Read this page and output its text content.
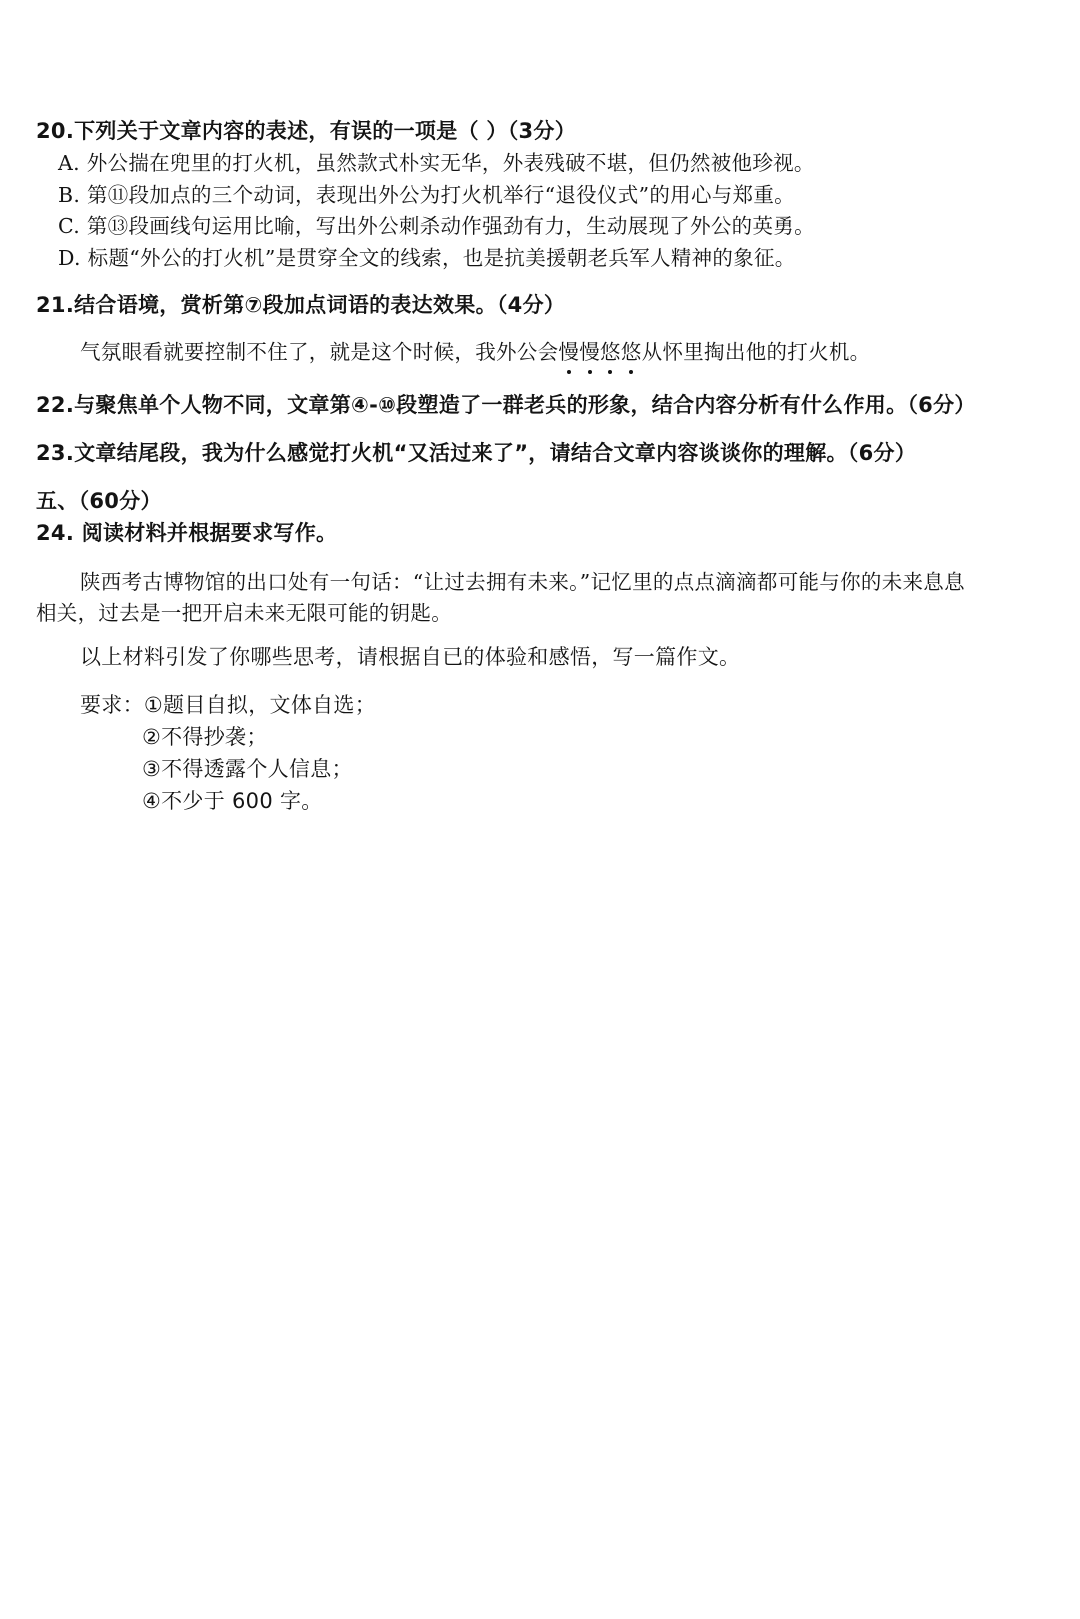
20.下列关于文章内容的表述，有误的一项是（ ）（3分）
A. 外公揣在兜里的打火机，虽然款式朴实无华，外表残破不堪，但仍然被他珍视。
B. 第⑪段加点的三个动词，表现出外公为打火机举行“退役仪式”的用心与郑重。
C. 第⑬段画线句运用比喻，写出外公刺杀动作强劲有力，生动展现了外公的英勇。
D. 标题“外公的打火机”是贯穿全文的线索，也是抗美援朝老兵军人精神的象征。
21.结合语境，赏析第⑦段加点词语的表达效果。（4分）
气氛眼看就要控制不住了，就是这个时候，我外公会慢
慢
悠
悠
从怀里掏出他的打火机。
22.与聚焦单个人物不同，文章第④-⑩段塑造了一群老兵的形象，结合内容分析有什么作用。（6分）
23.文章结尾段，我为什么感觉打火机“又活过来了”，请结合文章内容谈谈你的理解。（6分）
五、（60分）
24. 阅读材料并根据要求写作。
陕西考古博物馆的出口处有一句话：“让过去拥有未来。”记忆里的点点滴滴都可能与你的未来息息
相关，过去是一把开启未来无限可能的钥匙。
以上材料引发了你哪些思考，请根据自已的体验和感悟，写一篇作文。
要求：①题目自拟，文体自选；
②不得抄袭；
③不得透露个人信息；
④不少于 600 字。
